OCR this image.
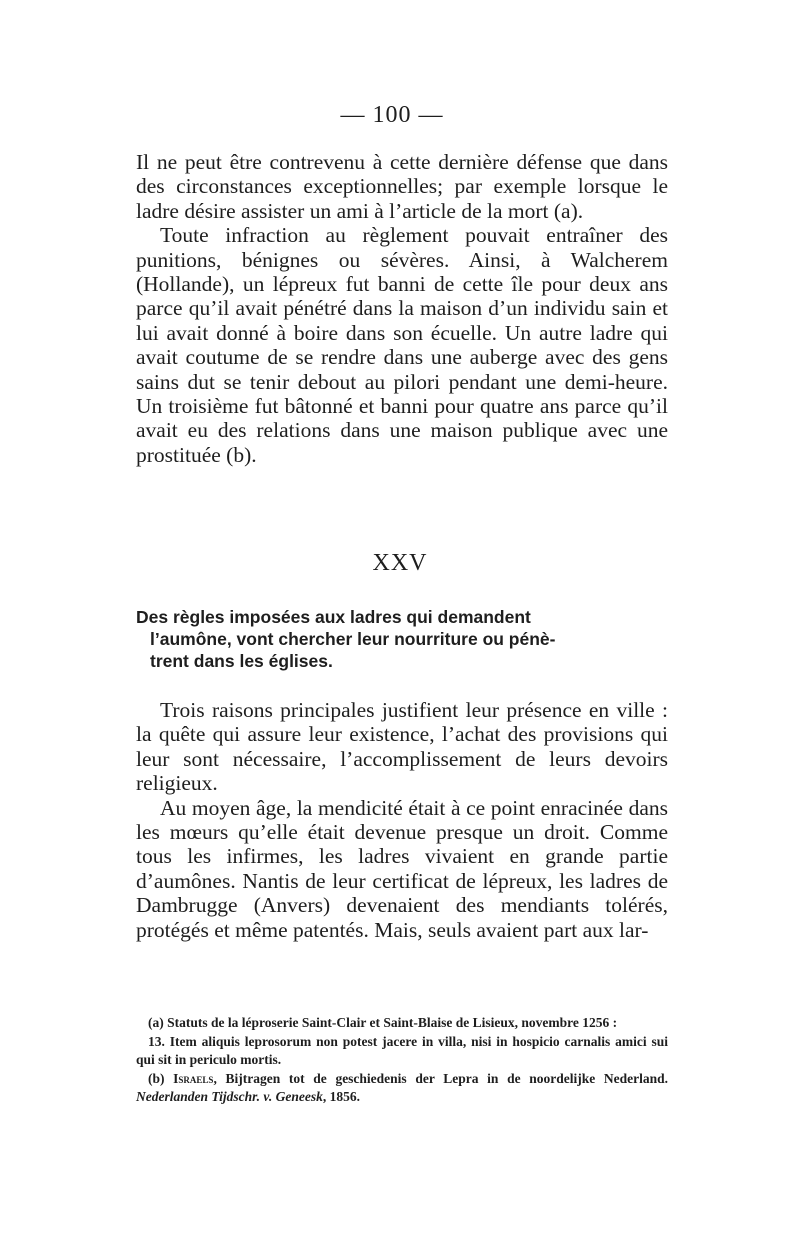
— 100 —

Il ne peut être contrevenu à cette dernière défense que dans des circonstances exceptionnelles; par exemple lorsque le ladre désire assister un ami à l’article de la mort (a).

Toute infraction au règlement pouvait entraîner des punitions, bénignes ou sévères. Ainsi, à Walcherem (Hollande), un lépreux fut banni de cette île pour deux ans parce qu’il avait pénétré dans la maison d’un individu sain et lui avait donné à boire dans son écuelle. Un autre ladre qui avait coutume de se rendre dans une auberge avec des gens sains dut se tenir debout au pilori pendant une demi-heure. Un troisième fut bâtonné et banni pour quatre ans parce qu’il avait eu des relations dans une maison publique avec une prostituée (b).

XXV
Des règles imposées aux ladres qui demandent
l’aumône, vont chercher leur nourriture ou pénè-
trent dans les églises.

Trois raisons principales justifient leur présence en ville : la quête qui assure leur existence, l’achat des provisions qui leur sont nécessaire, l’accomplissement de leurs devoirs religieux.

Au moyen âge, la mendicité était à ce point enracinée dans les mœurs qu’elle était devenue presque un droit. Comme tous les infirmes, les ladres vivaient en grande partie d’aumônes. Nantis de leur certificat de lépreux, les ladres de Dambrugge (Anvers) devenaient des mendiants tolérés, protégés et même patentés. Mais, seuls avaient part aux lar-

(a) Statuts de la léproserie Saint-Clair et Saint-Blaise de Lisieux, novembre 1256 :

13. Item aliquis leprosorum non potest jacere in villa, nisi in hospicio carnalis amici sui qui sit in periculo mortis.

(b) Israels, Bijtragen tot de geschiedenis der Lepra in de noordelijke Nederland. Nederlanden Tijdschr. v. Geneesk, 1856.
